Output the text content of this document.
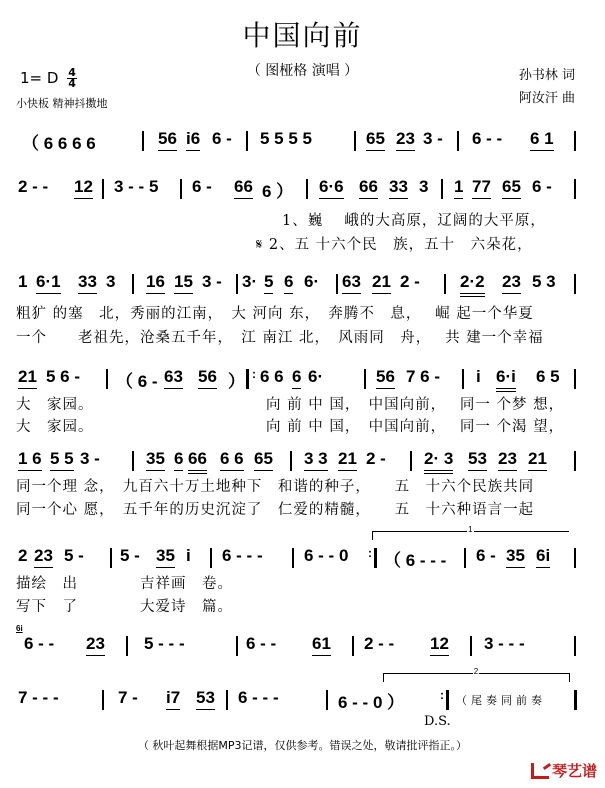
中国向前
（ 图桠格 演唱 ）
1= D $\frac{4}{4}$
小快板 精神抖擞地
孙书林 词
阿汝汗 曲
（ 6 6 6 6	56 i6 6 - 5 5 5 5	65 23 3 - 6 - - 6 1
2 - - 12 3 - - 5 6 - 66 6 ） 6·6 66 33 3 1 77 65 6 -
1、巍　 峨的大高原，辽阔的大平原，
𝄋 2、五 十六个民　族，五十　六朵花，
1 6·1 33 3 16 15 3 - 3· 5 6 6· 63 21 2 - 2·2 23 5 3
粗犷 的塞　北，秀丽的江南，　大 河向 东，　奔腾不　息，　 崛 起一个华夏
一个　　老祖先，沧桑五千年，　江 南江 北，　风雨同　舟，　 共 建一个幸福
21 5 6 - （ 6 - 63 56 ） : 6 6 6 6·	56 7 6 - i 6·i 6 5
大　家园。
大　家园。
向 前 中 国，　中国向前，　 同一 个梦 想，
向 前 中 国，　中国向前，　 同一 个渴 望，
1 6 5 5 3 -	35 6 66 6 6 65 3 3 21 2 - 2· 3 53 23 21
同一个理 念，　九百六十万土地种下　和谐的种子，　　五　十六个民族共同
同一个心 愿，　五千年的历史沉淀了　仁爱的精髓，　　五　十六种语言一起
1
2 23 5 - 5 - 35 i 6 - - - 6 - - 0 : （ 6 - - - 6 - 35 6i
描绘　出　　　　吉祥画　卷。
写下　了　　　　大爱诗　篇。
6i
6 - - 23 5 - - -	6 - - 61 2 - - 12 3 - - -
2
7 - - -	7 - i7 53 6 - - -	6 - - 0 ）	: （尾奏同前奏
D.S.
（ 秋叶起舞根据MP3记谱，仅供参考。错误之处，敬请批评指正。）
琴艺谱
